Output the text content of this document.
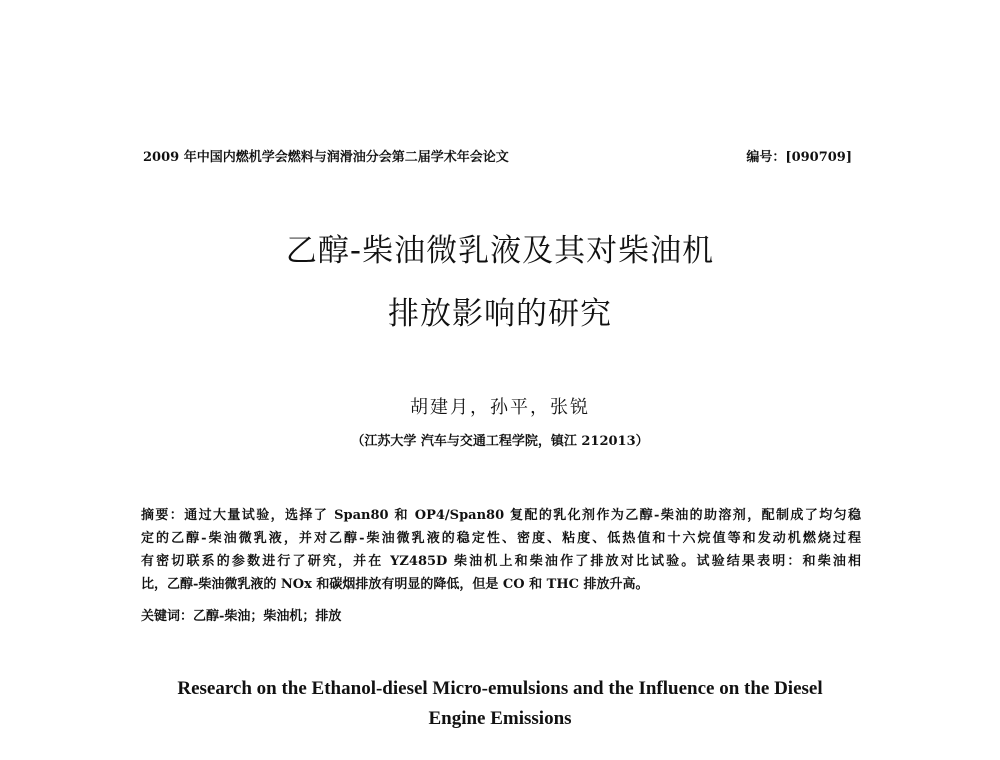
2009 年中国内燃机学会燃料与润滑油分会第二届学术年会论文	编号：[090709]
乙醇-柴油微乳液及其对柴油机
排放影响的研究
胡建月，孙平，张锐
（江苏大学 汽车与交通工程学院，镇江 212013）
摘要：通过大量试验，选择了 Span80 和 OP4/Span80 复配的乳化剂作为乙醇-柴油的助溶剂，配制成了均匀稳
定的乙醇-柴油微乳液，并对乙醇-柴油微乳液的稳定性、密度、粘度、低热值和十六烷值等和发动机燃烧过程
有密切联系的参数进行了研究，并在 YZ485D 柴油机上和柴油作了排放对比试验。试验结果表明：和柴油相
比，乙醇-柴油微乳液的 NOx 和碳烟排放有明显的降低，但是 CO 和 THC 排放升高。
关键词：乙醇-柴油；柴油机；排放
Research on the Ethanol-diesel Micro-emulsions and the Influence on the Diesel
Engine Emissions
